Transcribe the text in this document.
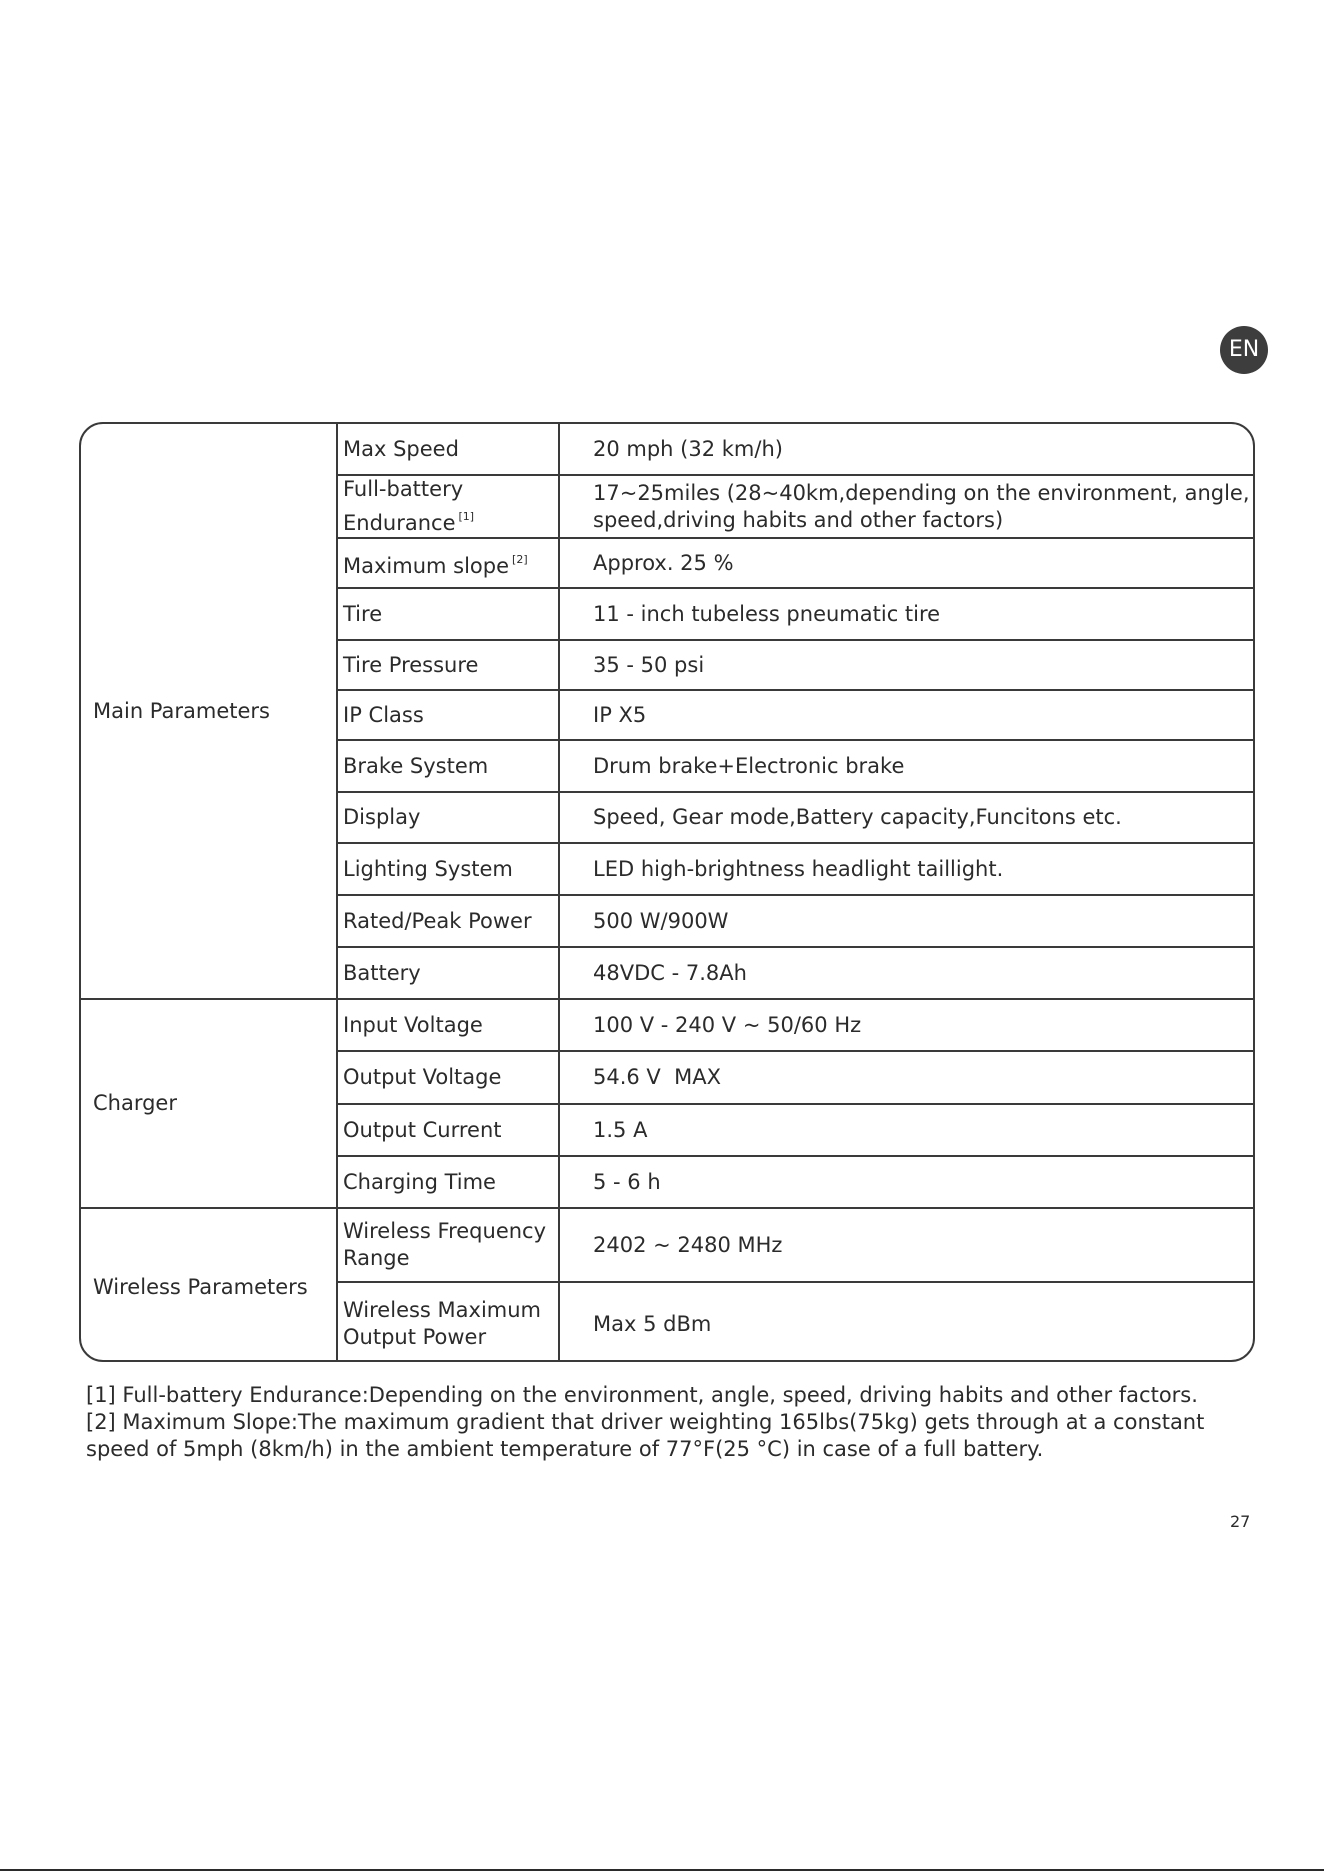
EN
Main Parameters	Max Speed	20 mph (32 km/h)
	Full-battery Endurance [1]	17~25miles (28~40km,depending on the environment, angle, speed,driving habits and other factors)
	Maximum slope [2]	Approx. 25 %
	Tire	11 - inch tubeless pneumatic tire
	Tire Pressure	35 - 50 psi
	IP Class	IP X5
	Brake System	Drum brake+Electronic brake
	Display	Speed, Gear mode,Battery capacity,Funcitons etc.
	Lighting System	LED high-brightness headlight taillight.
	Rated/Peak Power	500 W/900W
	Battery	48VDC - 7.8Ah
Charger	Input Voltage	100 V - 240 V ~ 50/60 Hz
	Output Voltage	54.6 V  MAX
	Output Current	1.5 A
	Charging Time	5 - 6 h
Wireless Parameters	Wireless Frequency Range	2402 ~ 2480 MHz
	Wireless Maximum Output Power	Max 5 dBm

[1] Full-battery Endurance:Depending on the environment, angle, speed, driving habits and other factors.

[2] Maximum Slope:The maximum gradient that driver weighting 165lbs(75kg) gets through at a constant speed of 5mph (8km/h) in the ambient temperature of 77°F(25 °C) in case of a full battery.

27
